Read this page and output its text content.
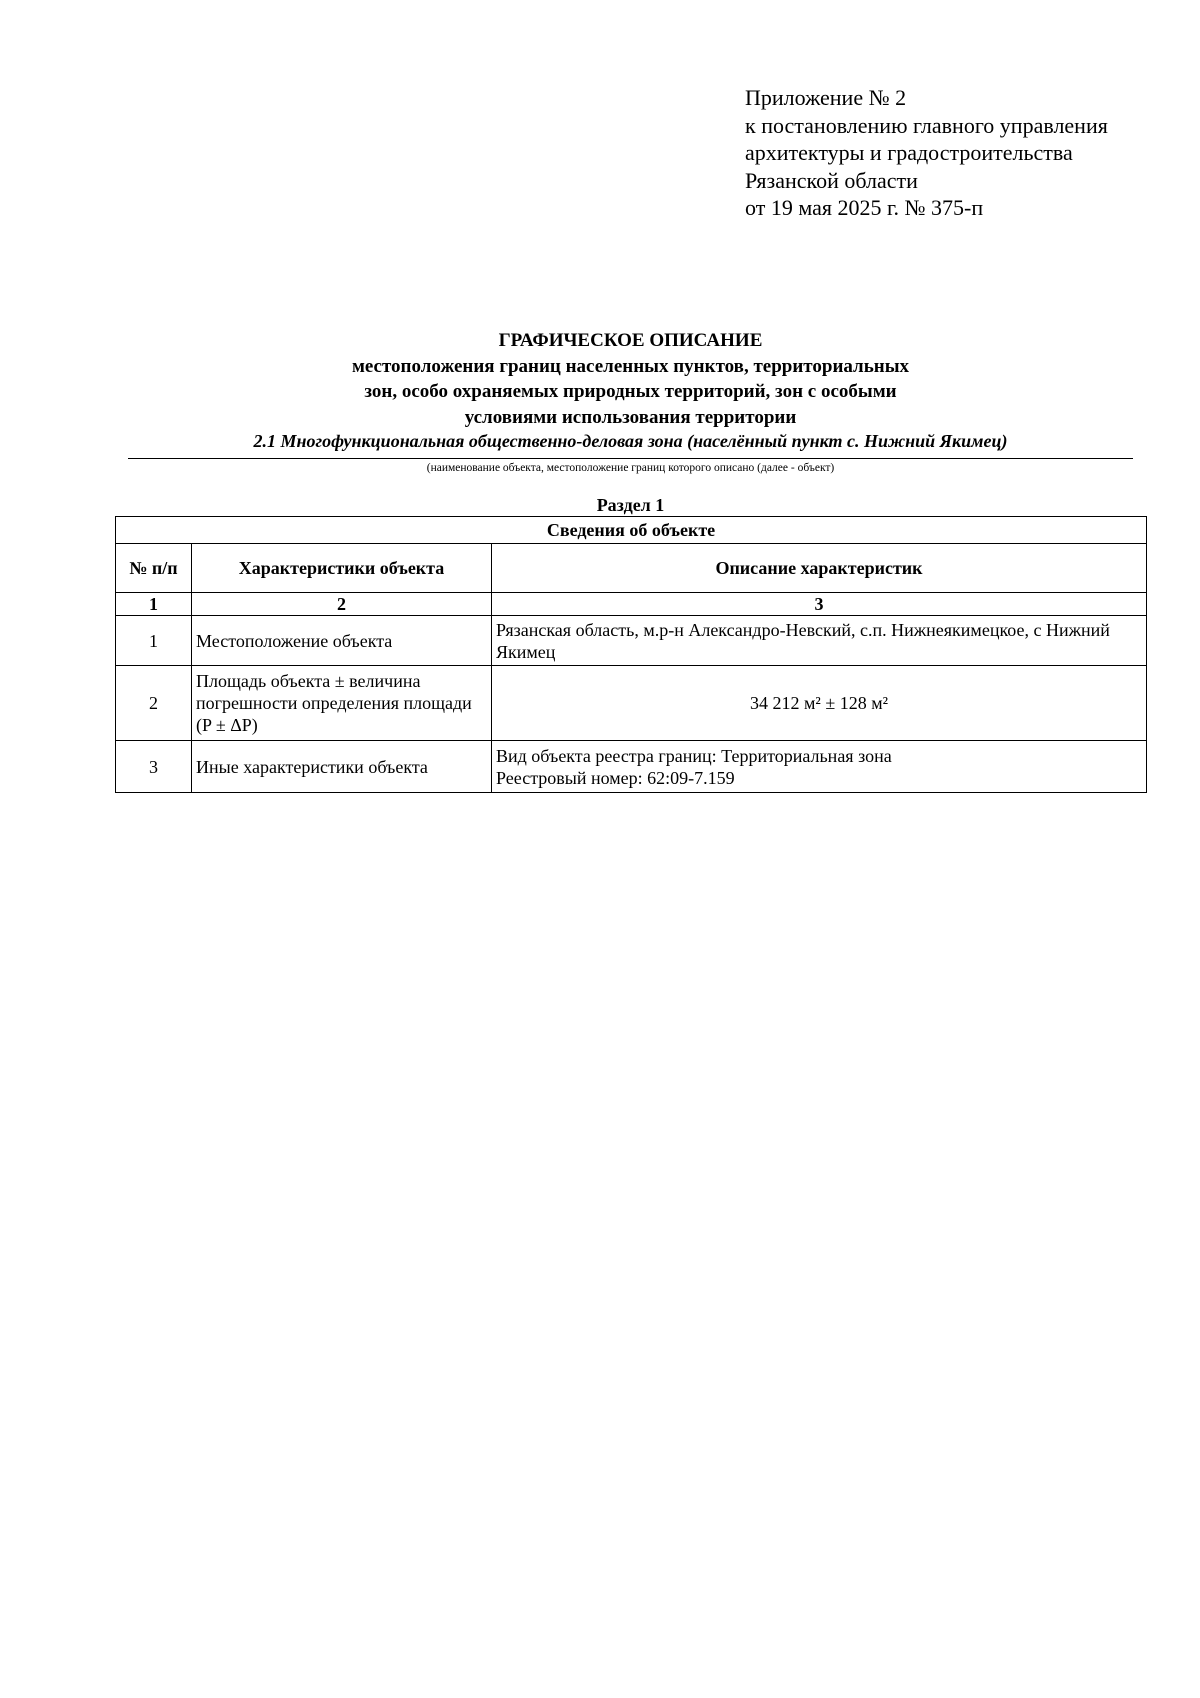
Приложение № 2
к постановлению главного управления
архитектуры и градостроительства
Рязанской области
от 19 мая 2025 г. № 375-п
ГРАФИЧЕСКОЕ ОПИСАНИЕ
местоположения границ населенных пунктов, территориальных
зон, особо охраняемых природных территорий, зон с особыми
условиями использования территории
2.1 Многофункциональная общественно-деловая зона (населённый пункт с. Нижний Якимец)
(наименование объекта, местоположение границ которого описано (далее - объект)
Раздел 1
Сведения об объекте		
№ п/п	Характеристики объекта	Описание характеристик
1	2	3
1	Местоположение объекта	Рязанская область, м.р-н Александро-Невский, с.п. Нижнеякимецкое, с Нижний Якимец

2	Площадь объекта ± величина погрешности определения площади (P ± ΔP)	34 212 м² ± 128 м²

3	Иные характеристики объекта	Вид объекта реестра границ: Территориальная зона
Реестровый номер: 62:09-7.159
